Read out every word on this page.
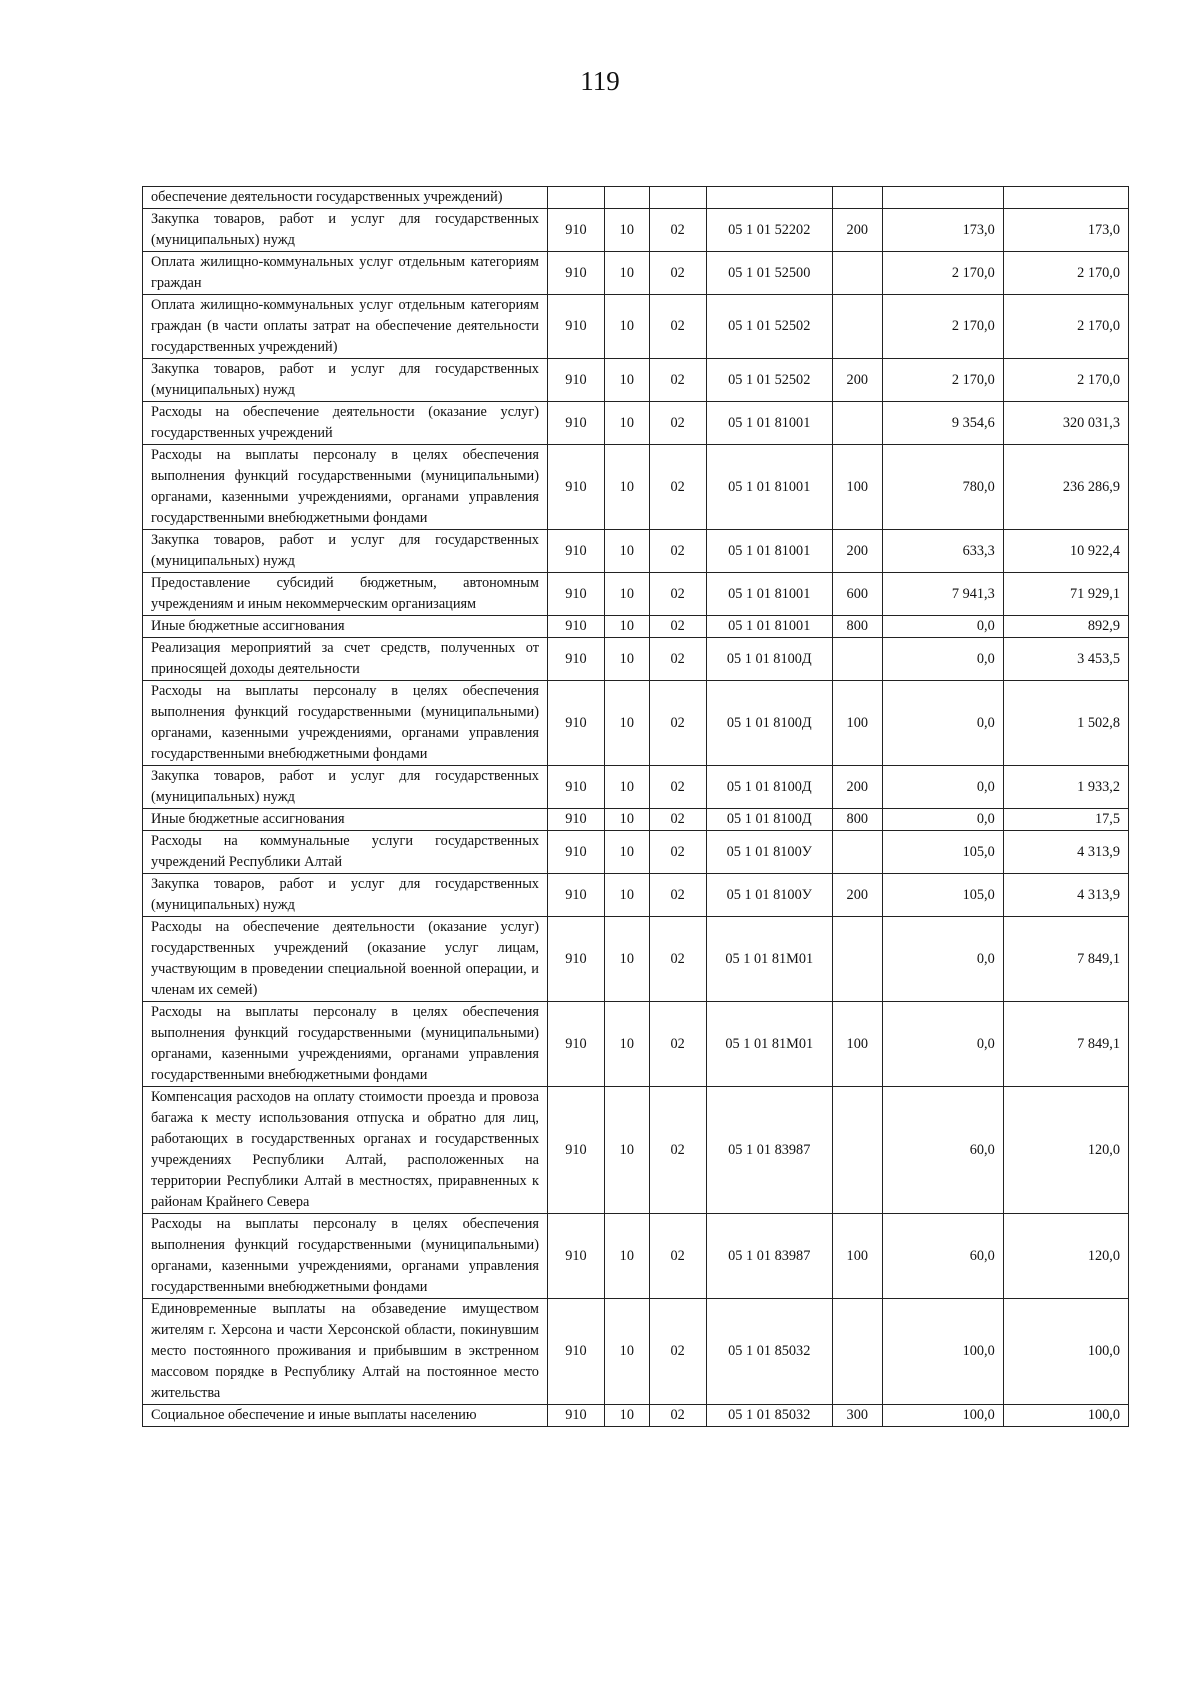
119
обеспечение деятельности государственных учреждений)							
Закупка товаров, работ и услуг для государственных (муниципальных) нужд	910	10	02	05 1 01 52202	200	173,0	173,0
Оплата жилищно-коммунальных услуг отдельным категориям граждан	910	10	02	05 1 01 52500		2 170,0	2 170,0
Оплата жилищно-коммунальных услуг отдельным категориям граждан (в части оплаты затрат на обеспечение деятельности государственных учреждений)	910	10	02	05 1 01 52502		2 170,0	2 170,0
Закупка товаров, работ и услуг для государственных (муниципальных) нужд	910	10	02	05 1 01 52502	200	2 170,0	2 170,0
Расходы на обеспечение деятельности (оказание услуг) государственных учреждений	910	10	02	05 1 01 81001		9 354,6	320 031,3
Расходы на выплаты персоналу в целях обеспечения выполнения функций государственными (муниципальными) органами, казенными учреждениями, органами управления государственными внебюджетными фондами	910	10	02	05 1 01 81001	100	780,0	236 286,9
Закупка товаров, работ и услуг для государственных (муниципальных) нужд	910	10	02	05 1 01 81001	200	633,3	10 922,4
Предоставление субсидий бюджетным, автономным учреждениям и иным некоммерческим организациям	910	10	02	05 1 01 81001	600	7 941,3	71 929,1
Иные бюджетные ассигнования	910	10	02	05 1 01 81001	800	0,0	892,9
Реализация мероприятий за счет средств, полученных от приносящей доходы деятельности	910	10	02	05 1 01 8100Д		0,0	3 453,5
Расходы на выплаты персоналу в целях обеспечения выполнения функций государственными (муниципальными) органами, казенными учреждениями, органами управления государственными внебюджетными фондами	910	10	02	05 1 01 8100Д	100	0,0	1 502,8
Закупка товаров, работ и услуг для государственных (муниципальных) нужд	910	10	02	05 1 01 8100Д	200	0,0	1 933,2
Иные бюджетные ассигнования	910	10	02	05 1 01 8100Д	800	0,0	17,5
Расходы на коммунальные услуги государственных учреждений Республики Алтай	910	10	02	05 1 01 8100У		105,0	4 313,9
Закупка товаров, работ и услуг для государственных (муниципальных) нужд	910	10	02	05 1 01 8100У	200	105,0	4 313,9
Расходы на обеспечение деятельности (оказание услуг) государственных учреждений (оказание услуг лицам, участвующим в проведении специальной военной операции, и членам их семей)	910	10	02	05 1 01 81М01		0,0	7 849,1
Расходы на выплаты персоналу в целях обеспечения выполнения функций государственными (муниципальными) органами, казенными учреждениями, органами управления государственными внебюджетными фондами	910	10	02	05 1 01 81М01	100	0,0	7 849,1
Компенсация расходов на оплату стоимости проезда и провоза багажа к месту использования отпуска и обратно для лиц, работающих в государственных органах и государственных учреждениях Республики Алтай, расположенных на территории Республики Алтай в местностях, приравненных к районам Крайнего Севера	910	10	02	05 1 01 83987		60,0	120,0
Расходы на выплаты персоналу в целях обеспечения выполнения функций государственными (муниципальными) органами, казенными учреждениями, органами управления государственными внебюджетными фондами	910	10	02	05 1 01 83987	100	60,0	120,0
Единовременные выплаты на обзаведение имуществом жителям г. Херсона и части Херсонской области, покинувшим место постоянного проживания и прибывшим в экстренном массовом порядке в Республику Алтай на постоянное место жительства	910	10	02	05 1 01 85032		100,0	100,0
Социальное обеспечение и иные выплаты населению	910	10	02	05 1 01 85032	300	100,0	100,0
